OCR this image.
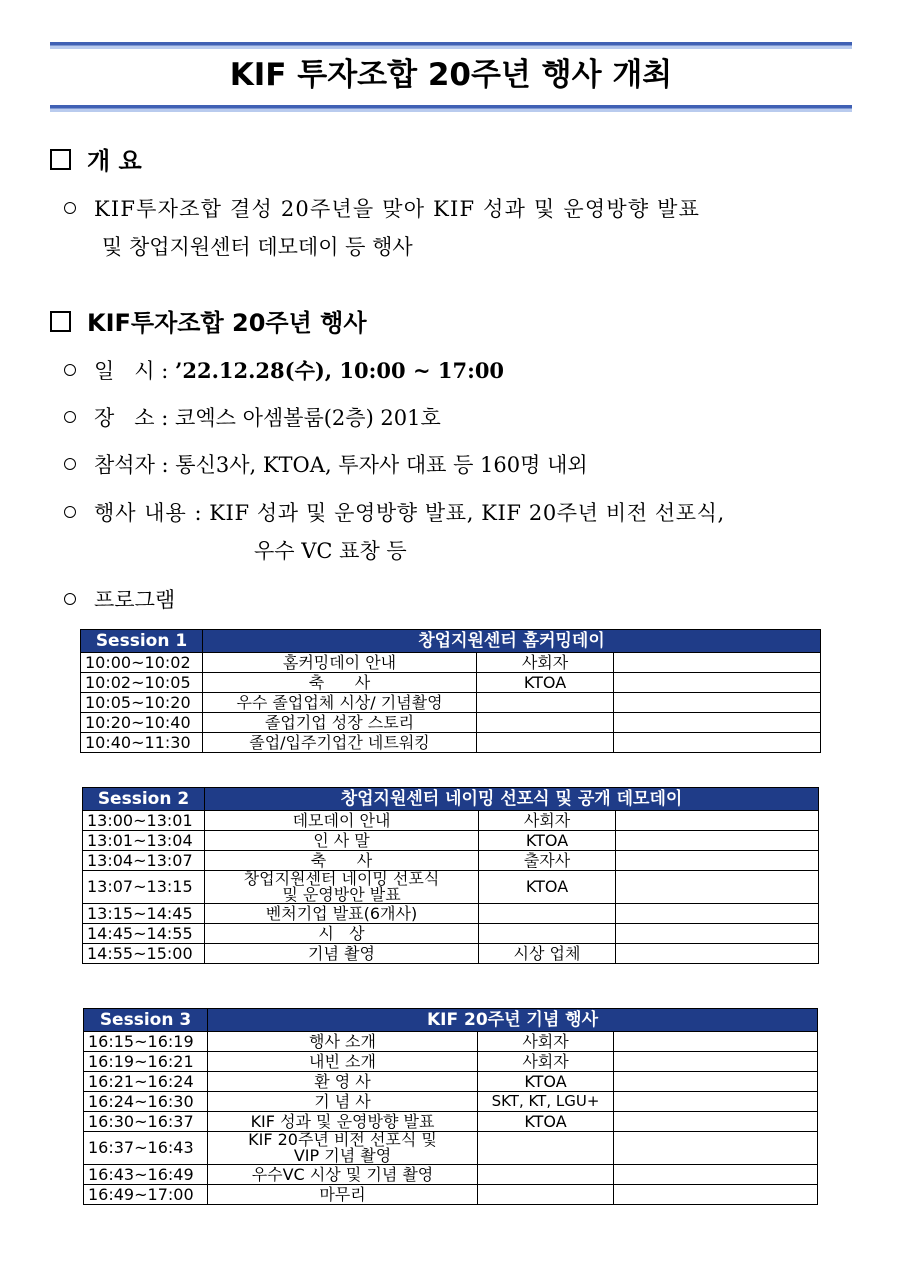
KIF 투자조합 20주년 행사 개최
개 요
KIF투자조합 결성 20주년을 맞아 KIF 성과 및 운영방향 발표
및 창업지원센터 데모데이 등 행사
KIF투자조합 20주년 행사
일   시 : ’22.12.28(수), 10:00 ~ 17:00
장   소 : 코엑스 아셈볼룸(2층) 201호
참석자 : 통신3사, KTOA, 투자사 대표 등 160명 내외
행사 내용 : KIF 성과 및 운영방향 발표, KIF 20주년 비전 선포식,
우수 VC 표창 등
프로그램
Session 1	창업지원센터 홈커밍데이		
10:00~10:02	홈커밍데이 안내	사회자	
10:02~10:05	축      사	KTOA	
10:05~10:20	우수 졸업업체 시상/ 기념촬영		
10:20~10:40	졸업기업 성장 스토리		
10:40~11:30	졸업/입주기업간 네트워킹		
Session 2	창업지원센터 네이밍 선포식 및 공개 데모데이		
13:00~13:01	데모데이 안내	사회자	
13:01~13:04	인 사 말	KTOA	
13:04~13:07	축      사	출자사	
13:07~13:15	창업지원센터 네이밍 선포식
및 운영방안 발표	KTOA	
13:15~14:45	벤처기업 발표(6개사)		
14:45~14:55	시   상		
14:55~15:00	기념 촬영	시상 업체	
Session 3	KIF 20주년 기념 행사		
16:15~16:19	행사 소개	사회자	
16:19~16:21	내빈 소개	사회자	
16:21~16:24	환 영 사	KTOA	
16:24~16:30	기 념 사	SKT, KT, LGU+	
16:30~16:37	KIF 성과 및 운영방향 발표	KTOA	
16:37~16:43	KIF 20주년 비전 선포식 및
VIP 기념 촬영		

16:43~16:49	우수VC 시상 및 기념 촬영		
16:49~17:00	마무리		
